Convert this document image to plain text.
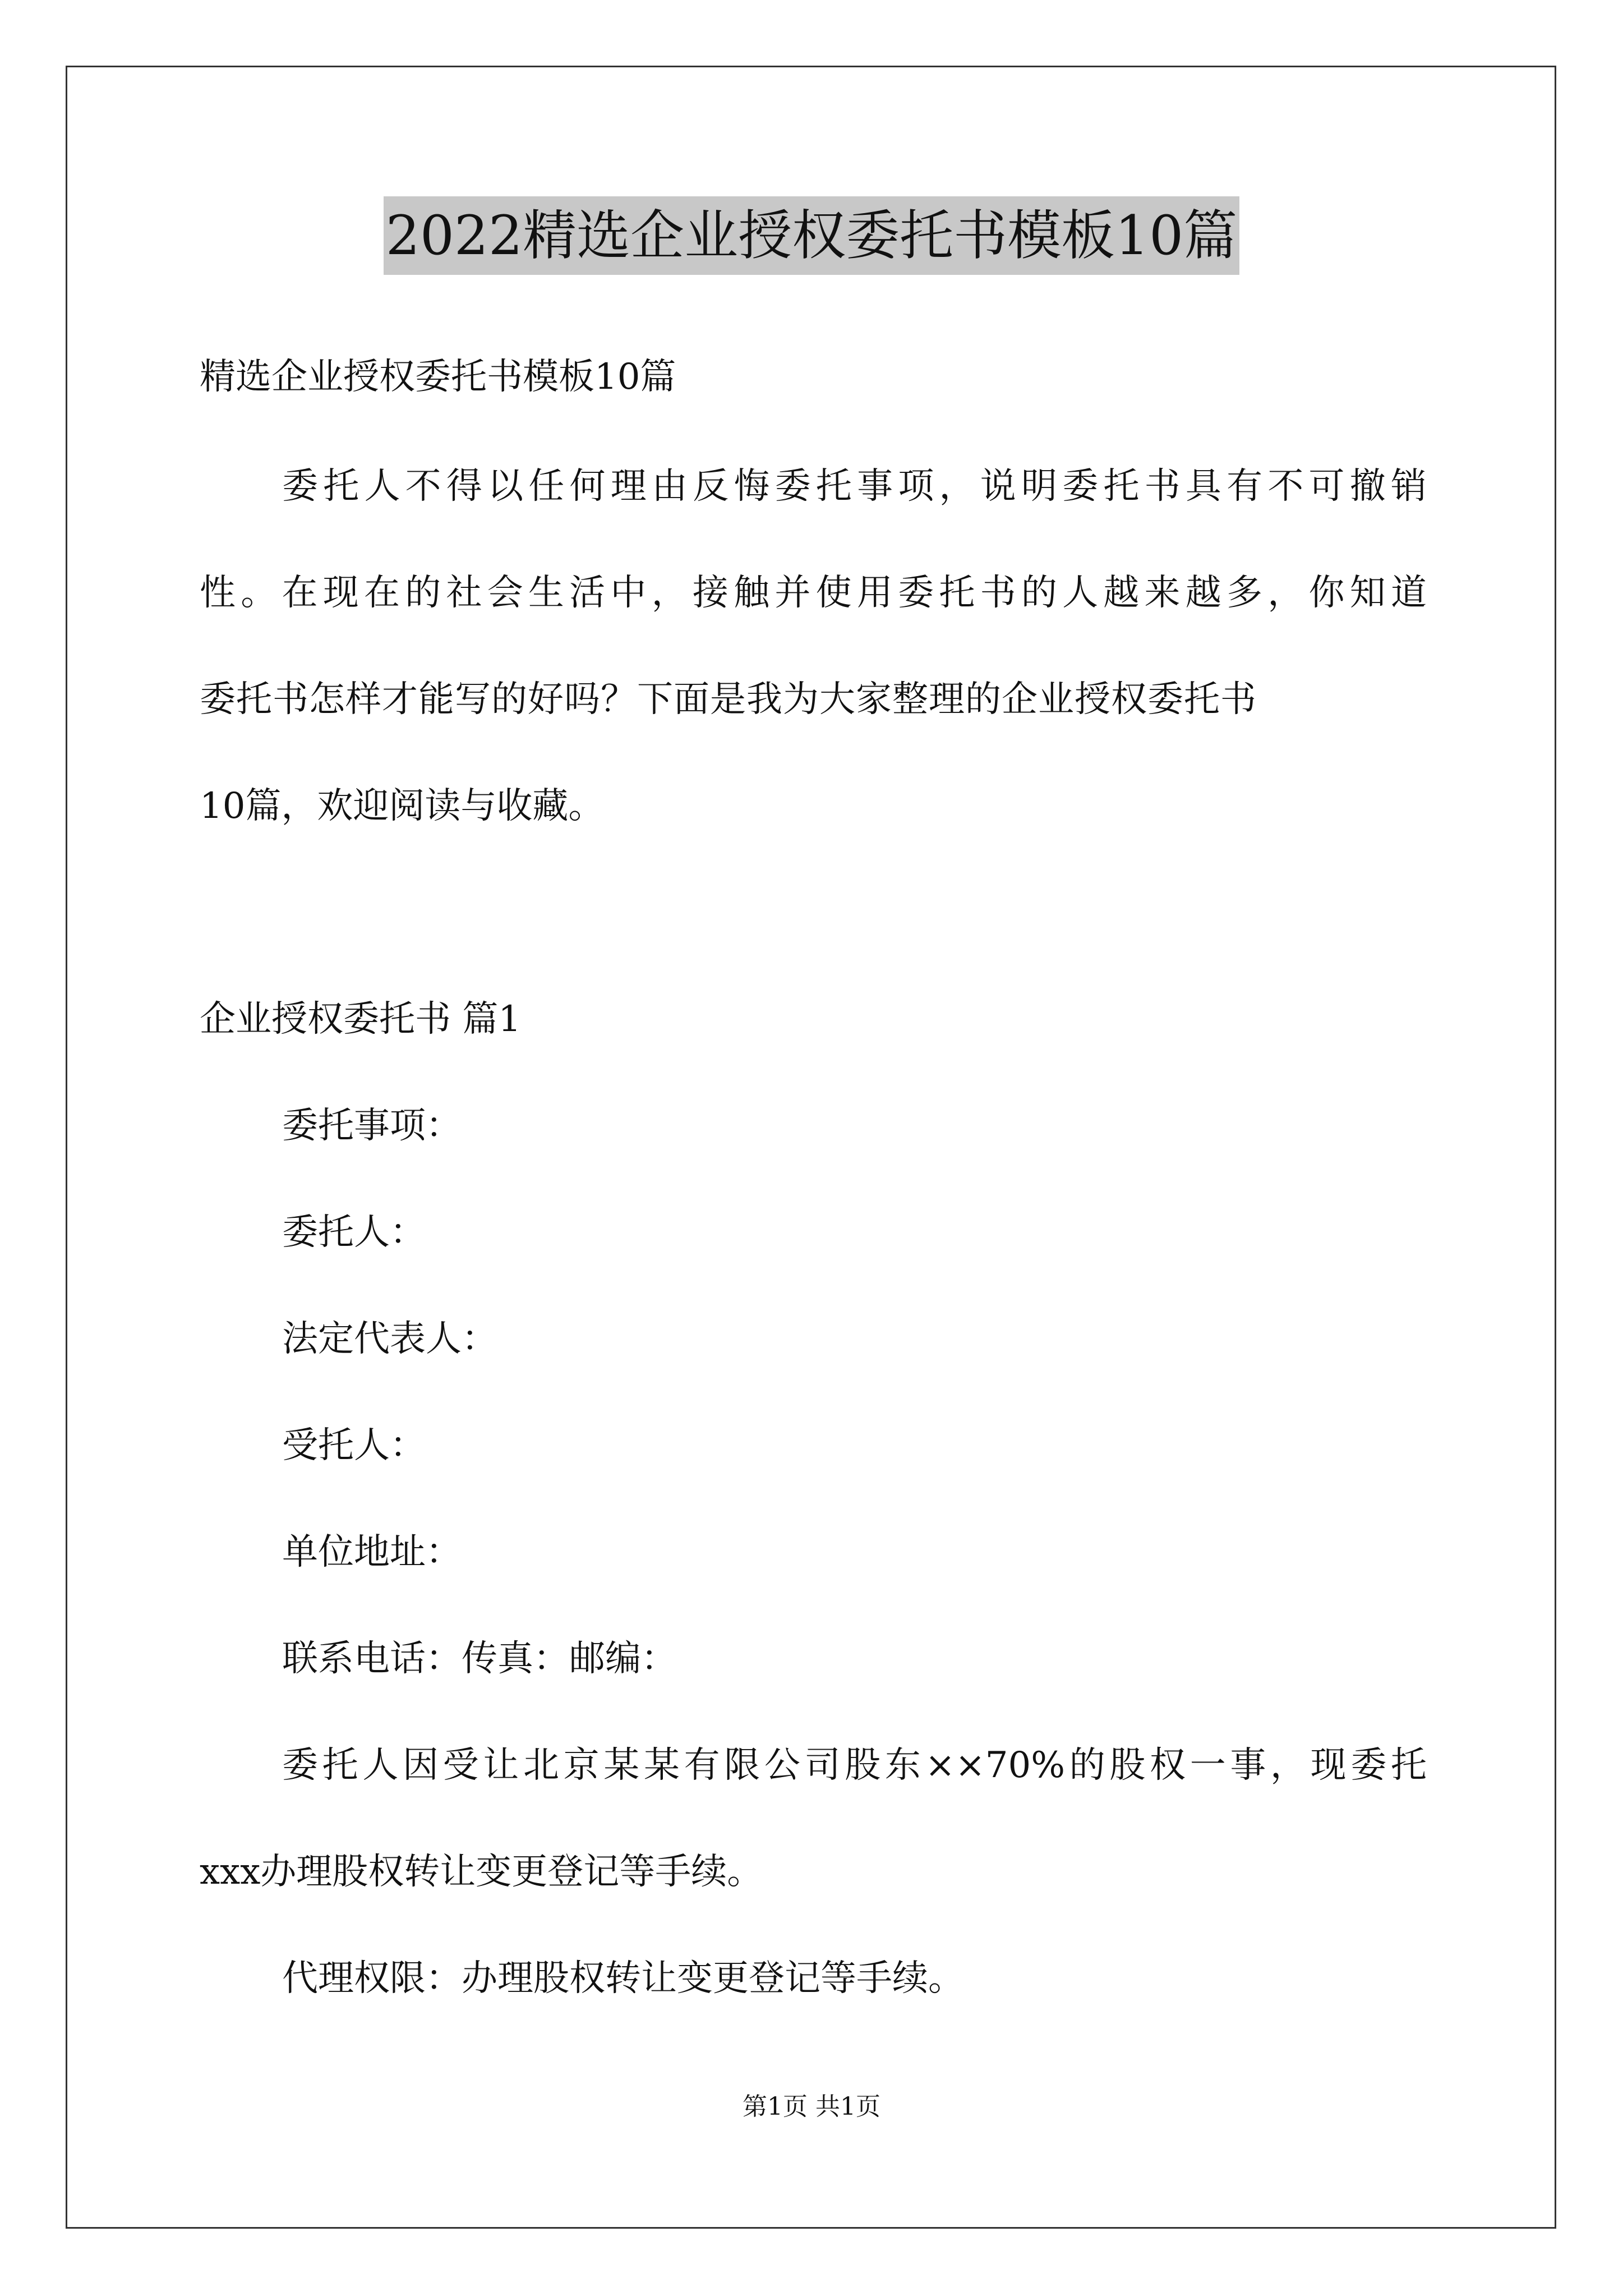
2022精选企业授权委托书模板10篇
精选企业授权委托书模板10篇
委托人不得以任何理由反悔委托事项，说明委托书具有不可撤销
性。在现在的社会生活中，接触并使用委托书的人越来越多，你知道
委托书怎样才能写的好吗？下面是我为大家整理的企业授权委托书
10篇，欢迎阅读与收藏。
企业授权委托书 篇1
委托事项：
委托人：
法定代表人：
受托人：
单位地址：
联系电话：传真：邮编：
委托人因受让北京某某有限公司股东××70%的股权一事，现委托
xxx办理股权转让变更登记等手续。
代理权限：办理股权转让变更登记等手续。
第1页 共1页
